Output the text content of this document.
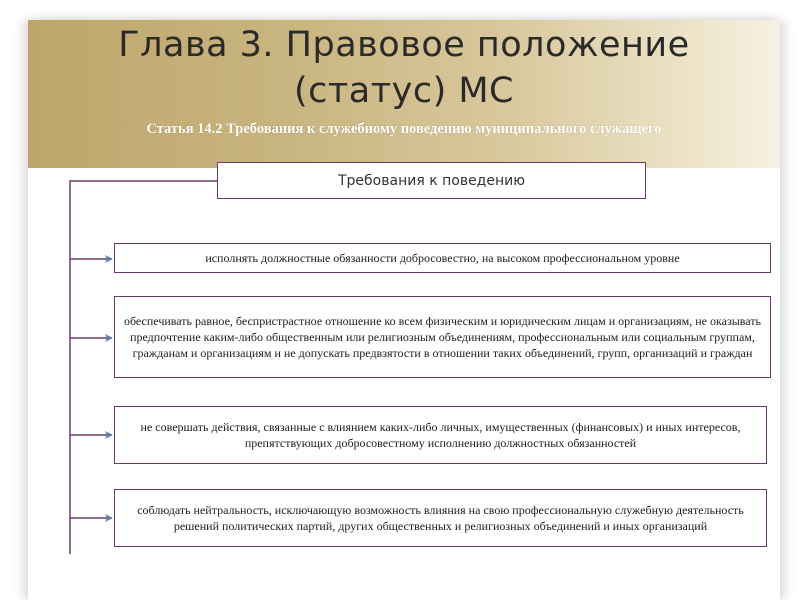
Глава 3. Правовое положение
(статус) МС
Статья 14.2 Требования к служебному поведению муниципального служащего
Требования к поведению
исполнять должностные обязанности добросовестно, на высоком профессиональном уровне
обеспечивать равное, беспристрастное отношение ко всем физическим и юридическим лицам и организациям, не оказывать предпочтение каким-либо общественным или религиозным объединениям, профессиональным или социальным группам, гражданам и организациям и не допускать предвзятости в отношении таких объединений, групп, организаций и граждан
не совершать действия, связанные с влиянием каких-либо личных, имущественных (финансовых) и иных интересов, препятствующих добросовестному исполнению должностных обязанностей
соблюдать нейтральность, исключающую возможность влияния на свою профессиональную служебную деятельность решений политических партий, других общественных и религиозных объединений и иных организаций
